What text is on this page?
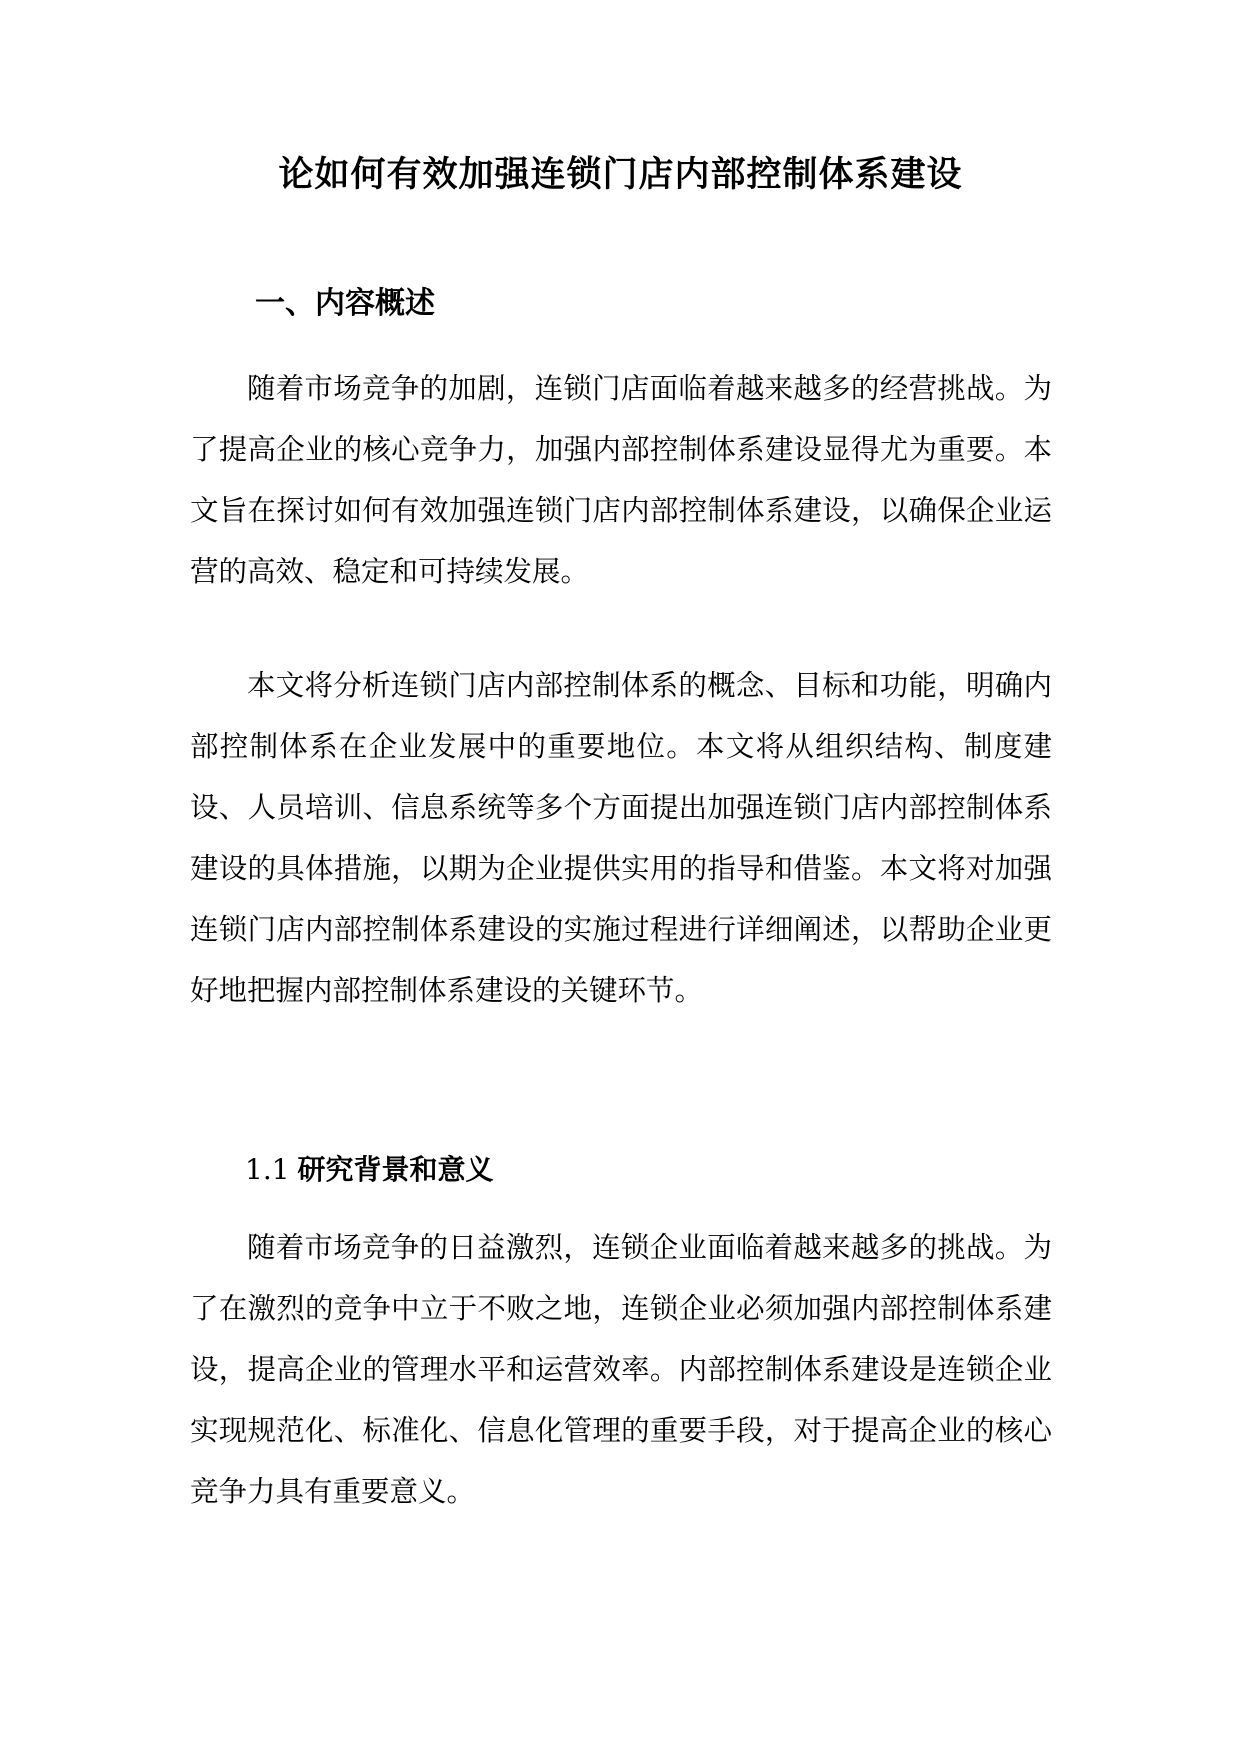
论如何有效加强连锁门店内部控制体系建设
一、内容概述

随着市场竞争的加剧，连锁门店面临着越来越多的经营挑战。为了提高企业的核心竞争力，加强内部控制体系建设显得尤为重要。本文旨在探讨如何有效加强连锁门店内部控制体系建设，以确保企业运营的高效、稳定和可持续发展。

本文将分析连锁门店内部控制体系的概念、目标和功能，明确内部控制体系在企业发展中的重要地位。本文将从组织结构、制度建设、人员培训、信息系统等多个方面提出加强连锁门店内部控制体系建设的具体措施，以期为企业提供实用的指导和借鉴。本文将对加强连锁门店内部控制体系建设的实施过程进行详细阐述，以帮助企业更好地把握内部控制体系建设的关键环节。

1.1 研究背景和意义

随着市场竞争的日益激烈，连锁企业面临着越来越多的挑战。为了在激烈的竞争中立于不败之地，连锁企业必须加强内部控制体系建设，提高企业的管理水平和运营效率。内部控制体系建设是连锁企业实现规范化、标准化、信息化管理的重要手段，对于提高企业的核心竞争力具有重要意义。
